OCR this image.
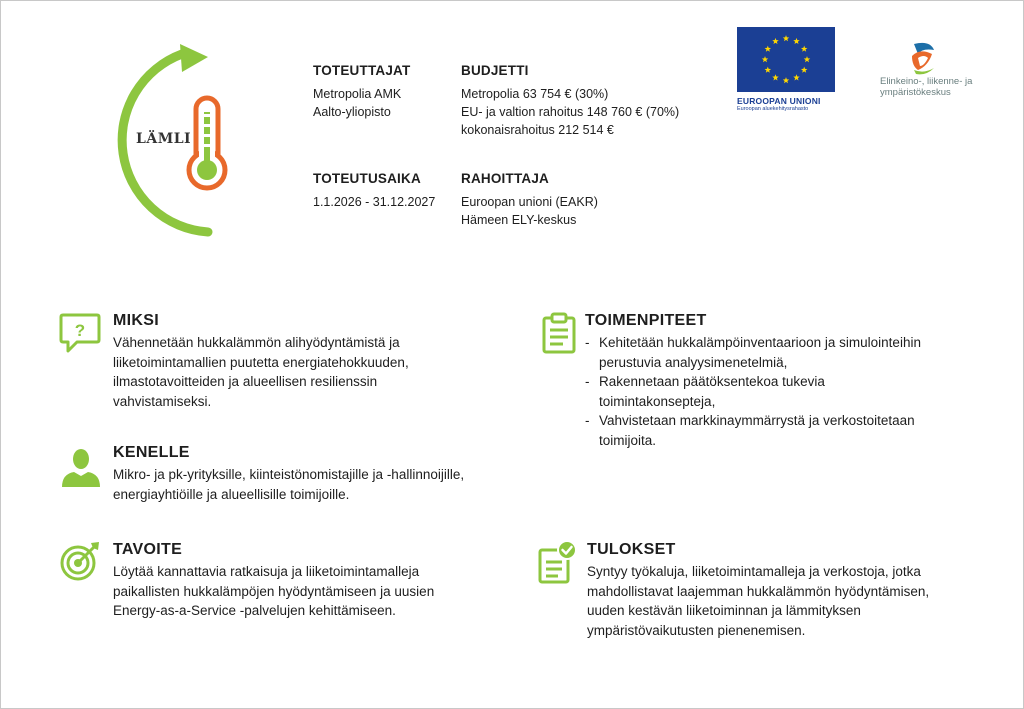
LÄMLI
TOTEUTTAJAT
Metropolia AMK
Aalto-yliopisto
BUDJETTI
Metropolia 63 754 € (30%)
EU- ja valtion rahoitus 148 760 € (70%)
kokonaisrahoitus 212 514 €
TOTEUTUSAIKA
1.1.2026 - 31.12.2027
RAHOITTAJA
Euroopan unioni (EAKR)
Hämeen ELY-keskus
EUROOPAN UNIONI
Euroopan aluekehitysrahasto
Elinkeino-, liikenne- ja
ympäristökeskus
?
MIKSI
Vähennetään hukkalämmön alihyödyntämistä ja
liiketoimintamallien puutetta energiatehokkuuden,
ilmastotavoitteiden ja alueellisen resilienssin
vahvistamiseksi.
KENELLE
Mikro- ja pk-yrityksille, kiinteistönomistajille ja -hallinnoijille,
energiayhtiöille ja alueellisille toimijoille.
TAVOITE
Löytää kannattavia ratkaisuja ja liiketoimintamalleja
paikallisten hukkalämpöjen hyödyntämiseen ja uusien
Energy-as-a-Service -palvelujen kehittämiseen.
TOIMENPITEET
- Kehitetään hukkalämpöinventaarioon ja simulointeihin
perustuvia analyysimenetelmiä,
- Rakennetaan päätöksentekoa tukevia
toimintakonsepteja,
- Vahvistetaan markkinaymmärrystä ja verkostoitetaan
toimijoita.
TULOKSET
Syntyy työkaluja, liiketoimintamalleja ja verkostoja, jotka
mahdollistavat laajemman hukkalämmön hyödyntämisen,
uuden kestävän liiketoiminnan ja lämmityksen
ympäristövaikutusten pienenemisen.
